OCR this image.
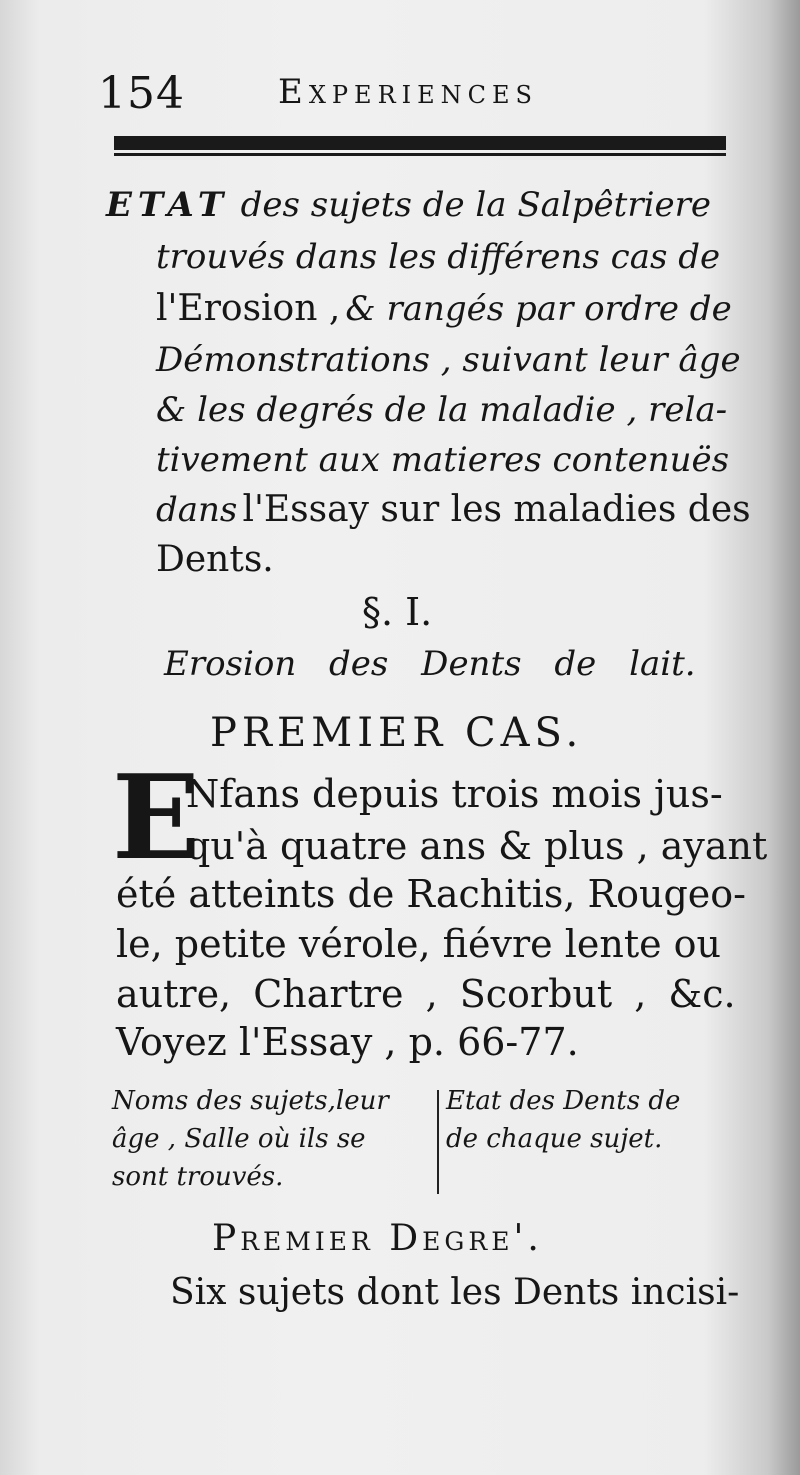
154	Experiences
ETAT des sujets de la Salpêtriere
trouvés dans les différens cas de
l'Erosion , & rangés par ordre de
Démonstrations , suivant leur âge
& les degrés de la maladie , rela-
tivement aux matieres contenuës
dans l'Essay sur les maladies des
Dents.
§. I.
Erosion des Dents de lait.
PREMIER CAS.
E
Nfans depuis trois mois jus-
qu'à quatre ans & plus , ayant
été atteints de Rachitis, Rougeo-
le, petite vérole, fiévre lente ou
autre, Chartre , Scorbut , &c.
Voyez l'Essay , p. 66-77.
Noms des sujets,leur
âge , Salle où ils se
sont trouvés.
Etat des Dents de
de chaque sujet.
Premier Degre'.
Six sujets dont les Dents incisi-
